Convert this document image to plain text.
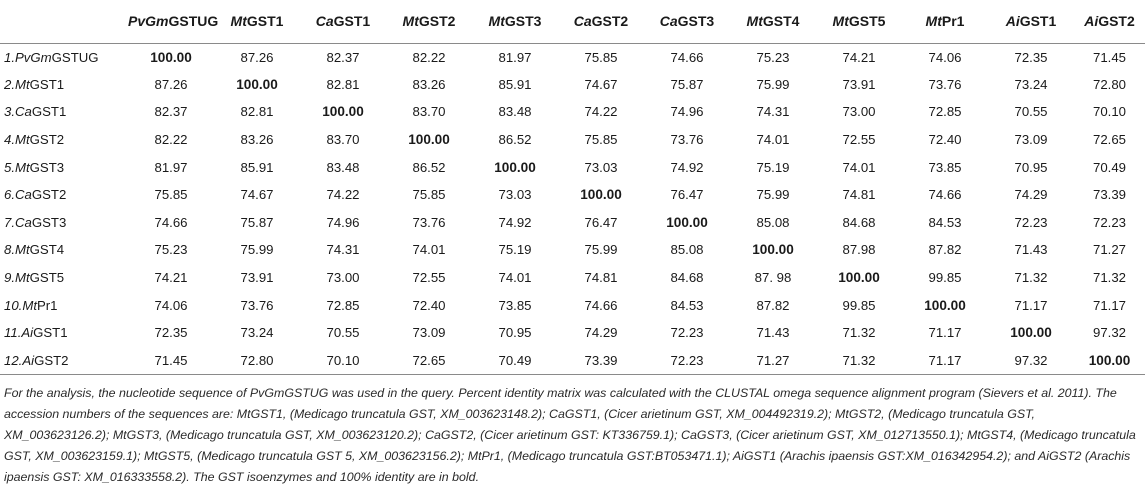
	PvGmGSTUG	MtGST1	CaGST1	MtGST2	MtGST3	CaGST2	CaGST3	MtGST4	MtGST5	MtPr1	AiGST1	AiGST2
1.PvGmGSTUG	100.00	87.26	82.37	82.22	81.97	75.85	74.66	75.23	74.21	74.06	72.35	71.45
2.MtGST1	87.26	100.00	82.81	83.26	85.91	74.67	75.87	75.99	73.91	73.76	73.24	72.80
3.CaGST1	82.37	82.81	100.00	83.70	83.48	74.22	74.96	74.31	73.00	72.85	70.55	70.10
4.MtGST2	82.22	83.26	83.70	100.00	86.52	75.85	73.76	74.01	72.55	72.40	73.09	72.65
5.MtGST3	81.97	85.91	83.48	86.52	100.00	73.03	74.92	75.19	74.01	73.85	70.95	70.49
6.CaGST2	75.85	74.67	74.22	75.85	73.03	100.00	76.47	75.99	74.81	74.66	74.29	73.39
7.CaGST3	74.66	75.87	74.96	73.76	74.92	76.47	100.00	85.08	84.68	84.53	72.23	72.23
8.MtGST4	75.23	75.99	74.31	74.01	75.19	75.99	85.08	100.00	87.98	87.82	71.43	71.27
9.MtGST5	74.21	73.91	73.00	72.55	74.01	74.81	84.68	87. 98	100.00	99.85	71.32	71.32
10.MtPr1	74.06	73.76	72.85	72.40	73.85	74.66	84.53	87.82	99.85	100.00	71.17	71.17
11.AiGST1	72.35	73.24	70.55	73.09	70.95	74.29	72.23	71.43	71.32	71.17	100.00	97.32
12.AiGST2	71.45	72.80	70.10	72.65	70.49	73.39	72.23	71.27	71.32	71.17	97.32	100.00

For the analysis, the nucleotide sequence of PvGmGSTUG was used in the query. Percent identity matrix was calculated with the CLUSTAL omega sequence alignment program (Sievers et al. 2011). The accession numbers of the sequences are: MtGST1, (Medicago truncatula GST, XM_003623148.2); CaGST1, (Cicer arietinum GST, XM_004492319.2); MtGST2, (Medicago truncatula GST, XM_003623126.2); MtGST3, (Medicago truncatula GST, XM_003623120.2); CaGST2, (Cicer arietinum GST: KT336759.1); CaGST3, (Cicer arietinum GST, XM_012713550.1); MtGST4, (Medicago truncatula GST, XM_003623159.1); MtGST5, (Medicago truncatula GST 5, XM_003623156.2); MtPr1, (Medicago truncatula GST:BT053471.1); AiGST1 (Arachis ipaensis GST:XM_016342954.2); and AiGST2 (Arachis ipaensis GST: XM_016333558.2). The GST isoenzymes and 100% identity are in bold.
